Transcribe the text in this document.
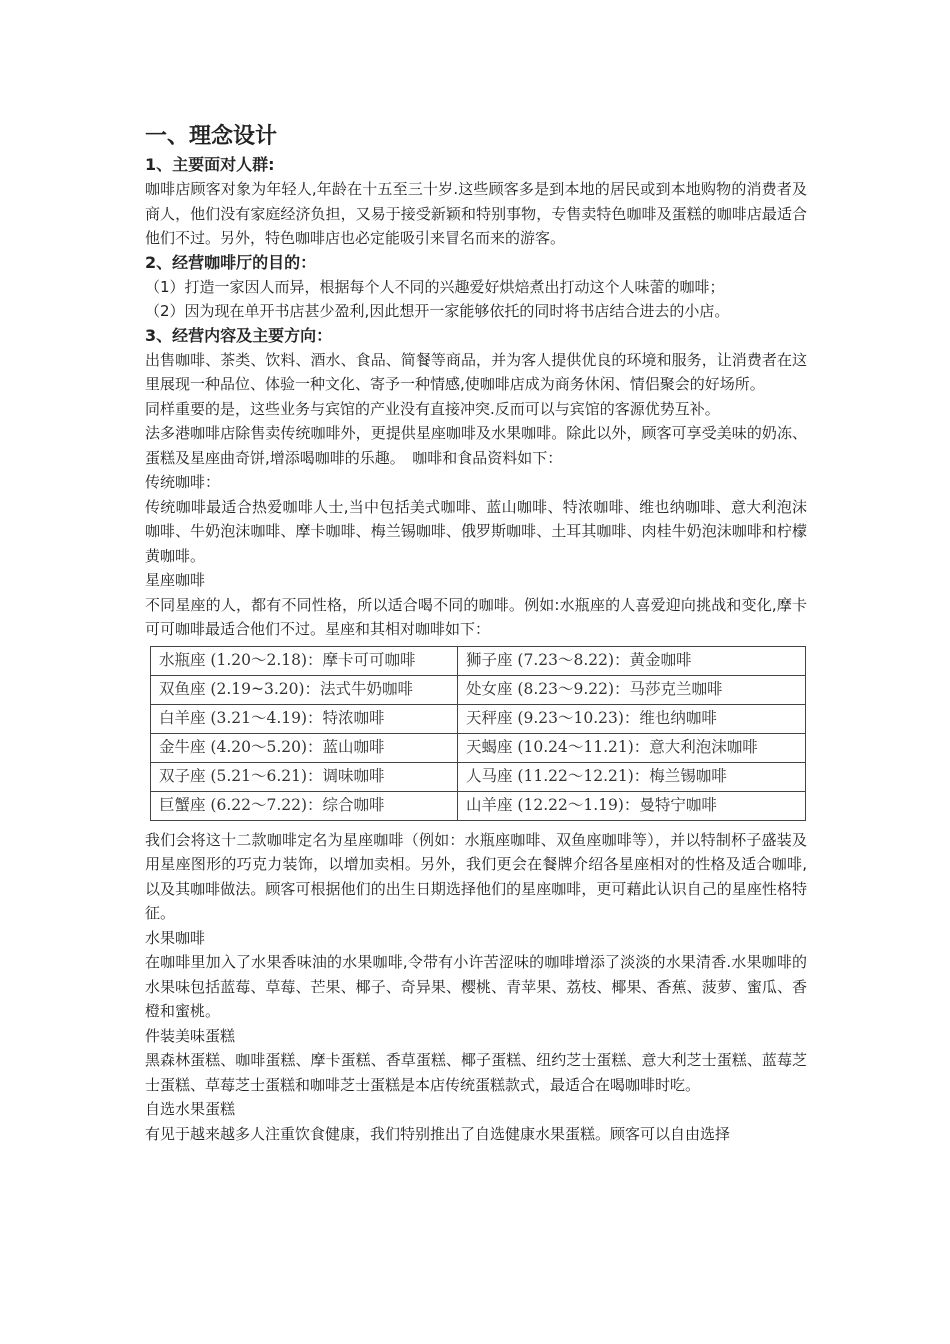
一、理念设计
1、主要面对人群:

咖啡店顾客对象为年轻人,年龄在十五至三十岁.这些顾客多是到本地的居民或到本地购物的消费者及商人，他们没有家庭经济负担，又易于接受新颖和特别事物，专售卖特色咖啡及蛋糕的咖啡店最适合他们不过。另外，特色咖啡店也必定能吸引来冒名而来的游客。

2、经营咖啡厅的目的：

（1）打造一家因人而异，根据每个人不同的兴趣爱好烘焙煮出打动这个人味蕾的咖啡；

（2）因为现在单开书店甚少盈利,因此想开一家能够依托的同时将书店结合进去的小店。

3、经营内容及主要方向：

出售咖啡、茶类、饮料、酒水、食品、简餐等商品，并为客人提供优良的环境和服务，让消费者在这里展现一种品位、体验一种文化、寄予一种情感,使咖啡店成为商务休闲、情侣聚会的好场所。

同样重要的是，这些业务与宾馆的产业没有直接冲突.反而可以与宾馆的客源优势互补。

法多港咖啡店除售卖传统咖啡外，更提供星座咖啡及水果咖啡。除此以外，顾客可享受美味的奶冻、蛋糕及星座曲奇饼,增添喝咖啡的乐趣。　咖啡和食品资料如下：

传统咖啡：

传统咖啡最适合热爱咖啡人士,当中包括美式咖啡、蓝山咖啡、特浓咖啡、维也纳咖啡、意大利泡沫咖啡、牛奶泡沫咖啡、摩卡咖啡、梅兰锡咖啡、俄罗斯咖啡、土耳其咖啡、肉桂牛奶泡沫咖啡和柠檬黄咖啡。

星座咖啡

不同星座的人，都有不同性格，所以适合喝不同的咖啡。例如:水瓶座的人喜爱迎向挑战和变化,摩卡可可咖啡最适合他们不过。星座和其相对咖啡如下：

水瓶座 (1.20～2.18)：摩卡可可咖啡	狮子座 (7.23～8.22)：黄金咖啡
双鱼座 (2.19~3.20)：法式牛奶咖啡	处女座 (8.23～9.22)：马莎克兰咖啡
白羊座 (3.21～4.19)：特浓咖啡	天秤座 (9.23～10.23)：维也纳咖啡
金牛座 (4.20～5.20)：蓝山咖啡	天蝎座 (10.24～11.21)：意大利泡沫咖啡
双子座 (5.21～6.21)：调味咖啡	人马座 (11.22～12.21)：梅兰锡咖啡
巨蟹座 (6.22～7.22)：综合咖啡	山羊座 (12.22～1.19)：曼特宁咖啡

我们会将这十二款咖啡定名为星座咖啡（例如：水瓶座咖啡、双鱼座咖啡等），并以特制杯子盛装及用星座图形的巧克力装饰，以增加卖相。另外，我们更会在餐牌介绍各星座相对的性格及适合咖啡,以及其咖啡做法。顾客可根据他们的出生日期选择他们的星座咖啡，更可藉此认识自己的星座性格特征。

水果咖啡

在咖啡里加入了水果香味油的水果咖啡,令带有小许苦涩味的咖啡增添了淡淡的水果清香.水果咖啡的水果味包括蓝莓、草莓、芒果、椰子、奇异果、樱桃、青苹果、荔枝、椰果、香蕉、菠萝、蜜瓜、香橙和蜜桃。

件装美味蛋糕

黑森林蛋糕、咖啡蛋糕、摩卡蛋糕、香草蛋糕、椰子蛋糕、纽约芝士蛋糕、意大利芝士蛋糕、蓝莓芝士蛋糕、草莓芝士蛋糕和咖啡芝士蛋糕是本店传统蛋糕款式，最适合在喝咖啡时吃。

自选水果蛋糕

有见于越来越多人注重饮食健康，我们特别推出了自选健康水果蛋糕。顾客可以自由选择
